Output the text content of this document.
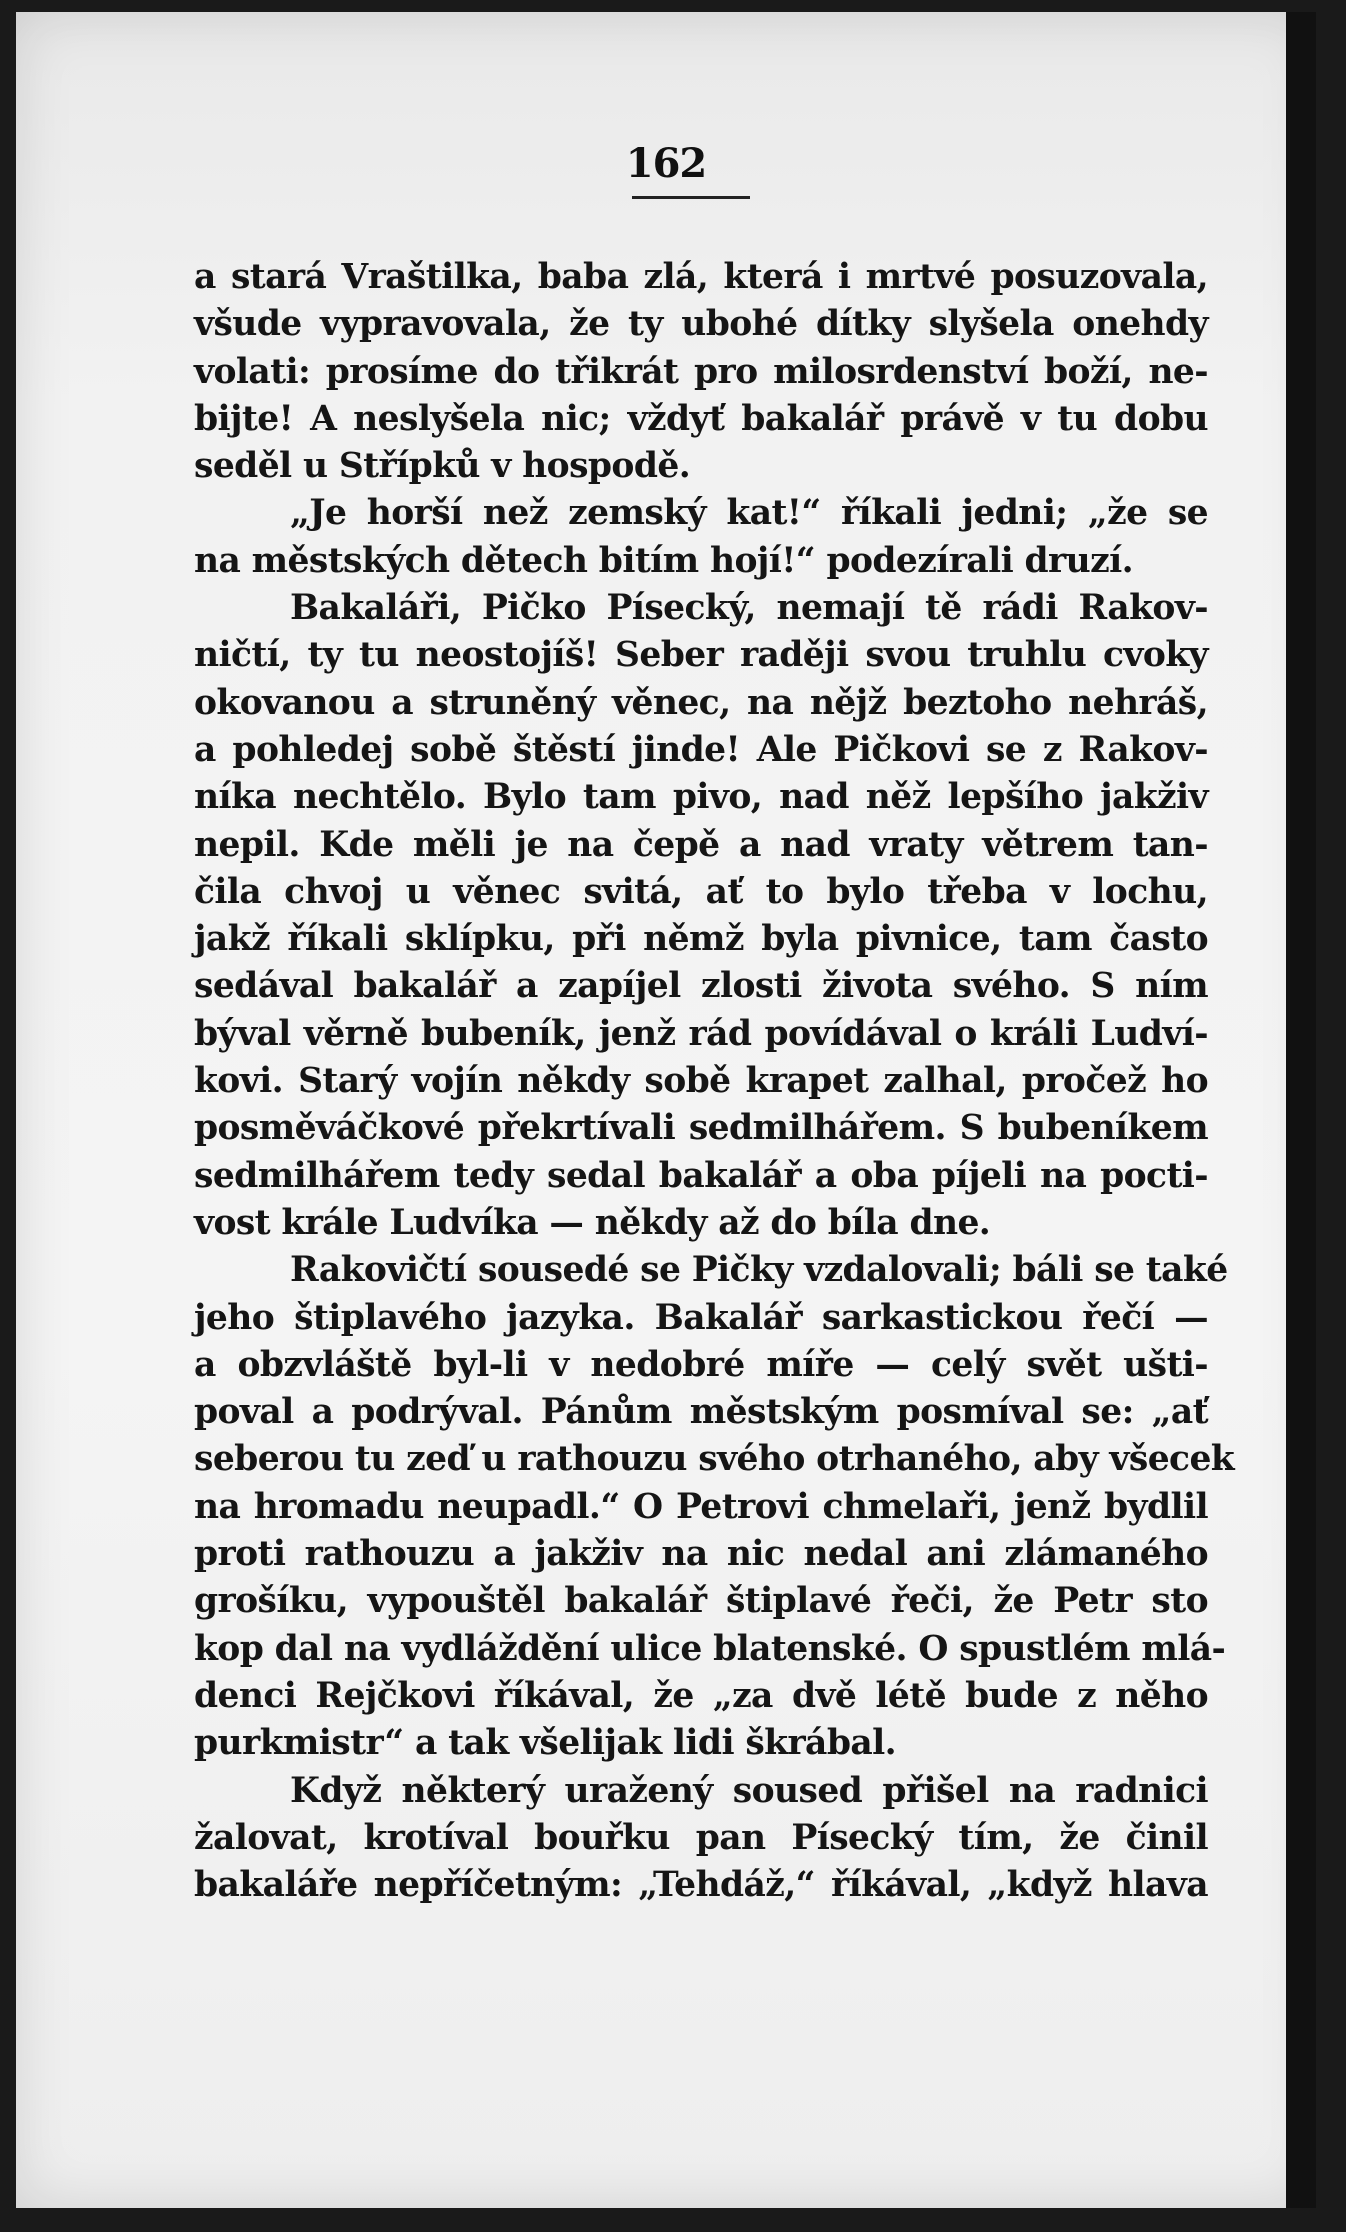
162
a stará Vraštilka, baba zlá, která i mrtvé posuzovala,
všude vypravovala, že ty ubohé dítky slyšela onehdy
volati: prosíme do třikrát pro milosrdenství boží, ne-
bijte! A neslyšela nic; vždyť bakalář právě v tu dobu
seděl u Střípků v hospodě.
„Je horší než zemský kat!“ říkali jedni; „že se
na městských dětech bitím hojí!“ podezírali druzí.
Bakaláři, Pičko Písecký, nemají tě rádi Rakov-
ničtí, ty tu neostojíš! Seber raději svou truhlu cvoky
okovanou a struněný věnec, na nějž beztoho nehráš,
a pohledej sobě štěstí jinde! Ale Pičkovi se z Rakov-
níka nechtělo. Bylo tam pivo, nad něž lepšího jakživ
nepil. Kde měli je na čepě a nad vraty větrem tan-
čila chvoj u věnec svitá, ať to bylo třeba v lochu,
jakž říkali sklípku, při němž byla pivnice, tam často
sedával bakalář a zapíjel zlosti života svého. S ním
býval věrně bubeník, jenž rád povídával o králi Ludví-
kovi. Starý vojín někdy sobě krapet zalhal, pročež ho
posměváčkové překrtívali sedmilhářem. S bubeníkem
sedmilhářem tedy sedal bakalář a oba píjeli na pocti-
vost krále Ludvíka — někdy až do bíla dne.
Rakovičtí sousedé se Pičky vzdalovali; báli se také
jeho štiplavého jazyka. Bakalář sarkastickou řečí —
a obzvláště byl-li v nedobré míře — celý svět ušti-
poval a podrýval. Pánům městským posmíval se: „ať
seberou tu zeď u rathouzu svého otrhaného, aby všecek
na hromadu neupadl.“ O Petrovi chmelaři, jenž bydlil
proti rathouzu a jakživ na nic nedal ani zlámaného
grošíku, vypouštěl bakalář štiplavé řeči, že Petr sto
kop dal na vydláždění ulice blatenské. O spustlém mlá-
denci Rejčkovi říkával, že „za dvě létě bude z něho
purkmistr“ a tak všelijak lidi škrábal.
Když některý uražený soused přišel na radnici
žalovat, krotíval bouřku pan Písecký tím, že činil
bakaláře nepříčetným: „Tehdáž,“ říkával, „když hlava
